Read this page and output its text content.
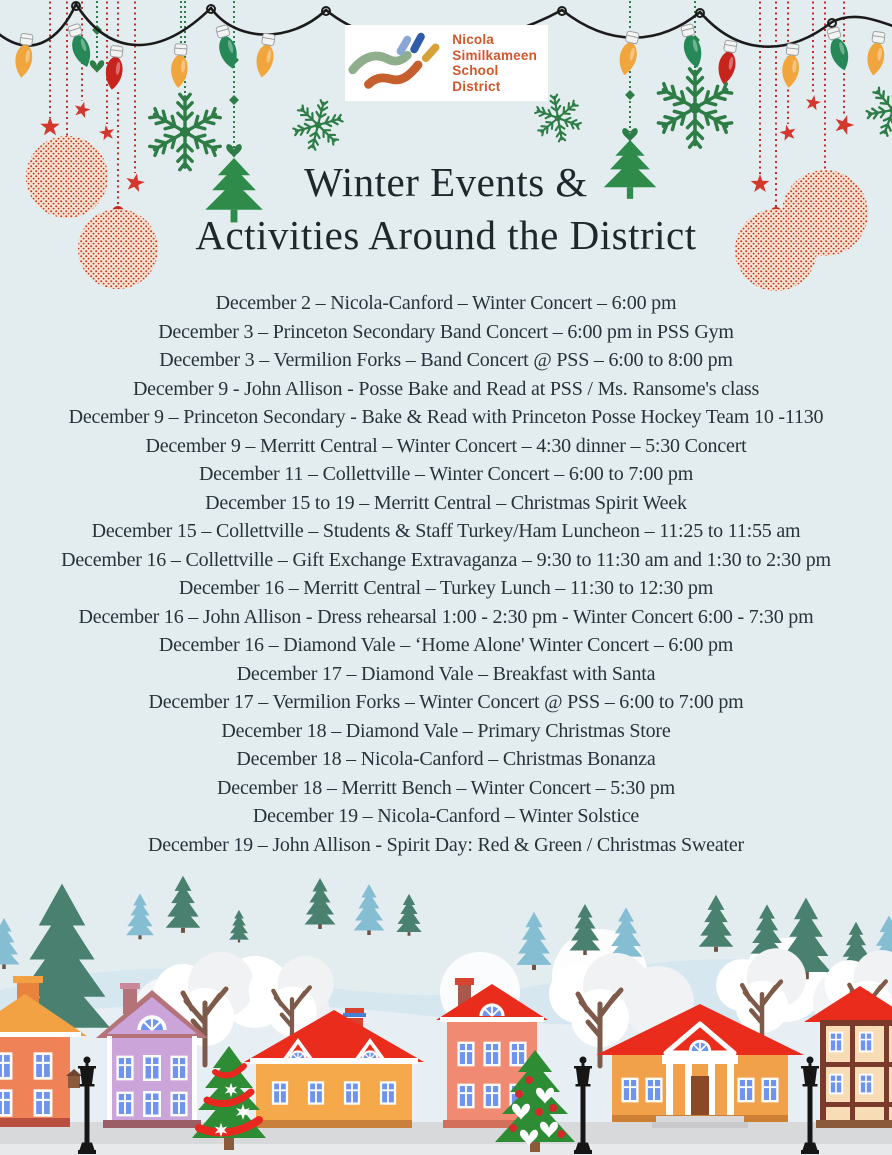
Nicola
Similkameen
School District
Winter Events &
Activities Around the District
December 2 – Nicola-Canford – Winter Concert – 6:00 pm
December 3 – Princeton Secondary Band Concert – 6:00 pm in PSS Gym
December 3 – Vermilion Forks – Band Concert @ PSS – 6:00 to 8:00 pm
December 9 - John Allison - Posse Bake and Read at PSS / Ms. Ransome's class
December 9 – Princeton Secondary - Bake & Read with Princeton Posse Hockey Team 10 -1130
December 9 – Merritt Central – Winter Concert – 4:30 dinner – 5:30 Concert
December 11 – Collettville – Winter Concert – 6:00 to 7:00 pm
December 15 to 19 – Merritt Central – Christmas Spirit Week
December 15 – Collettville – Students & Staff Turkey/Ham Luncheon – 11:25 to 11:55 am
December 16 – Collettville – Gift Exchange Extravaganza – 9:30 to 11:30 am and 1:30 to 2:30 pm
December 16 – Merritt Central – Turkey Lunch – 11:30 to 12:30 pm
December 16 – John Allison - Dress rehearsal 1:00 - 2:30 pm - Winter Concert 6:00 - 7:30 pm
December 16 – Diamond Vale – ‘Home Alone' Winter Concert – 6:00 pm
December 17 – Diamond Vale – Breakfast with Santa
December 17 – Vermilion Forks – Winter Concert @ PSS – 6:00 to 7:00 pm
December 18 – Diamond Vale – Primary Christmas Store
December 18 – Nicola-Canford – Christmas Bonanza
December 18 – Merritt Bench – Winter Concert – 5:30 pm
December 19 – Nicola-Canford – Winter Solstice
December 19 – John Allison - Spirit Day: Red & Green / Christmas Sweater
